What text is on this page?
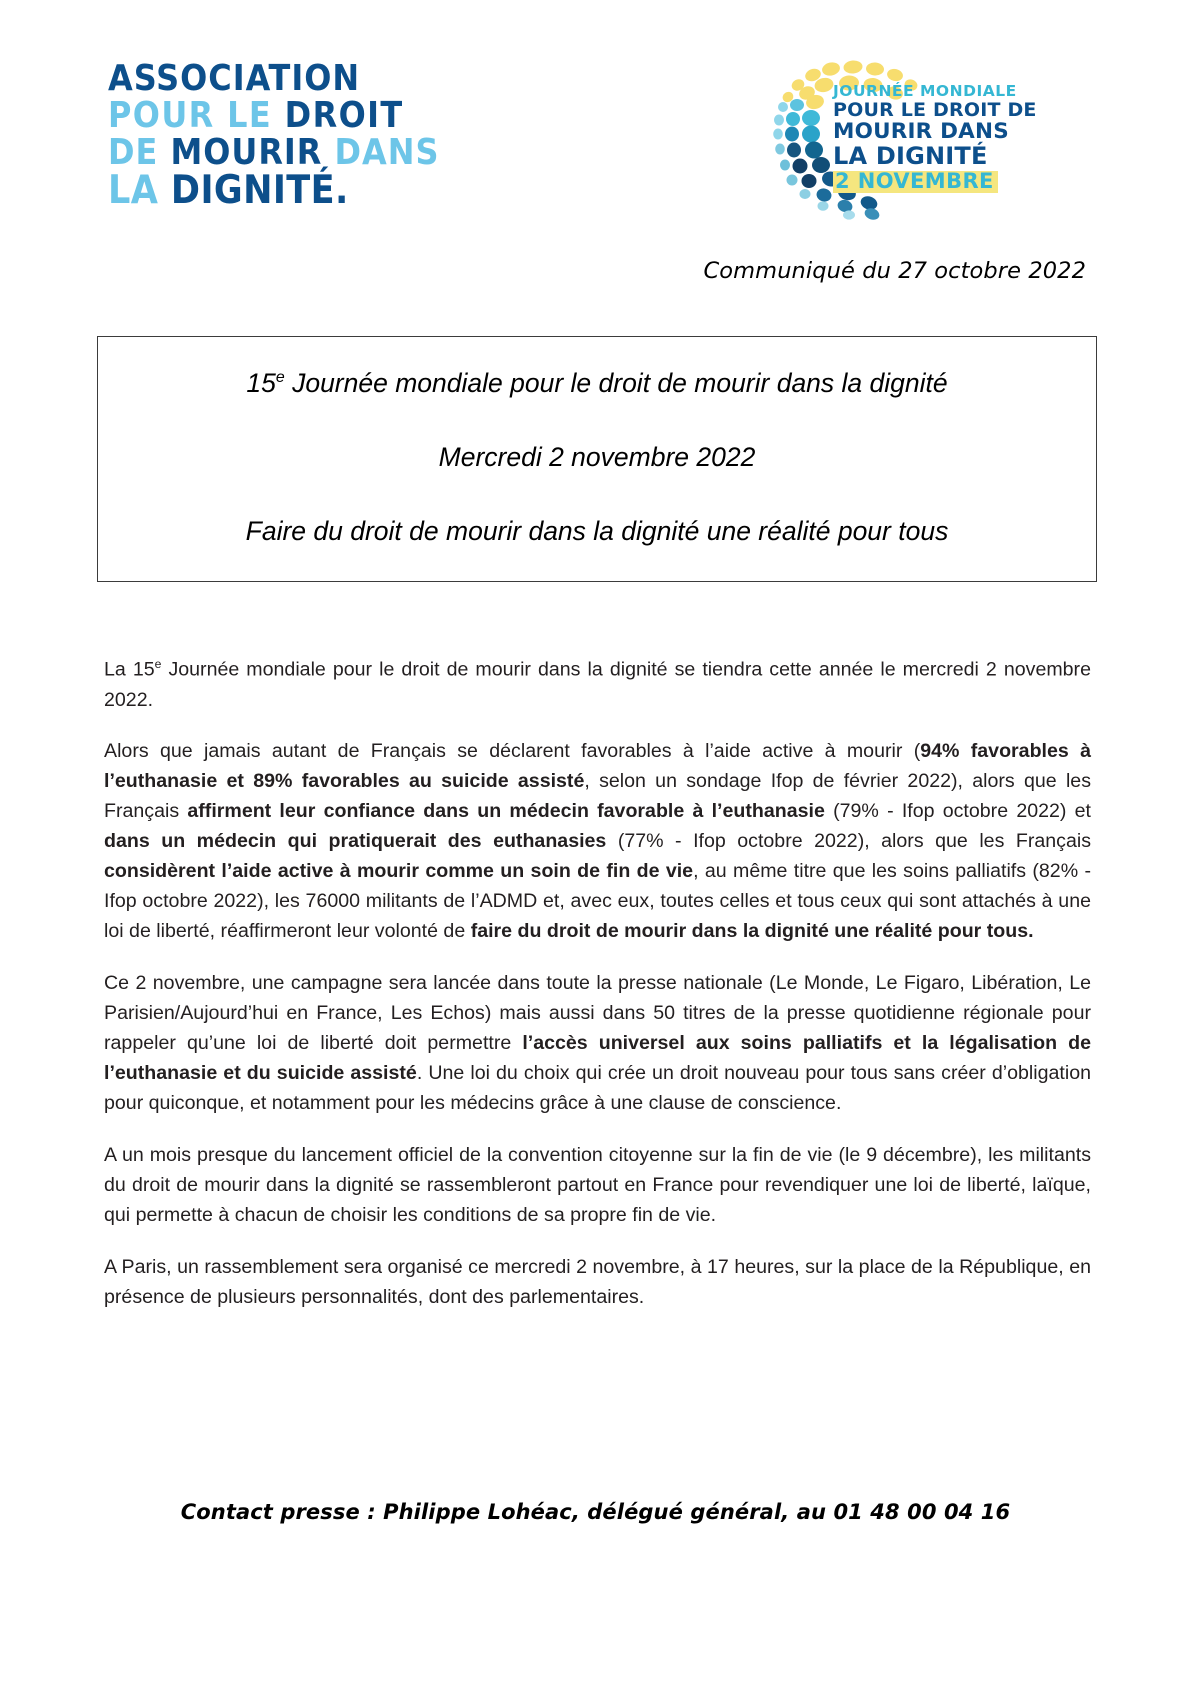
ASSOCIATION
POUR LE DROIT
DE MOURIR DANS
LA DIGNITÉ.
JOURNÉE MONDIALE
POUR LE DROIT DE
MOURIR DANS
LA DIGNITÉ
2 NOVEMBRE
Communiqué du 27 octobre 2022
15e Journée mondiale pour le droit de mourir dans la dignité
Mercredi 2 novembre 2022
Faire du droit de mourir dans la dignité une réalité pour tous

La 15e Journée mondiale pour le droit de mourir dans la dignité se tiendra cette année le mercredi 2 novembre 2022.

Alors que jamais autant de Français se déclarent favorables à l’aide active à mourir (94% favorables à l’euthanasie et 89% favorables au suicide assisté, selon un sondage Ifop de février 2022), alors que les Français affirment leur confiance dans un médecin favorable à l’euthanasie (79% - Ifop octobre 2022) et dans un médecin qui pratiquerait des euthanasies (77% - Ifop octobre 2022), alors que les Français considèrent l’aide active à mourir comme un soin de fin de vie, au même titre que les soins palliatifs (82% - Ifop octobre 2022), les 76000 militants de l’ADMD et, avec eux, toutes celles et tous ceux qui sont attachés à une loi de liberté, réaffirmeront leur volonté de faire du droit de mourir dans la dignité une réalité pour tous.

Ce 2 novembre, une campagne sera lancée dans toute la presse nationale (Le Monde, Le Figaro, Libération, Le Parisien/Aujourd’hui en France, Les Echos) mais aussi dans 50 titres de la presse quotidienne régionale pour rappeler qu’une loi de liberté doit permettre l’accès universel aux soins palliatifs et la légalisation de l’euthanasie et du suicide assisté. Une loi du choix qui crée un droit nouveau pour tous sans créer d’obligation pour quiconque, et notamment pour les médecins grâce à une clause de conscience.

A un mois presque du lancement officiel de la convention citoyenne sur la fin de vie (le 9 décembre), les militants du droit de mourir dans la dignité se rassembleront partout en France pour revendiquer une loi de liberté, laïque, qui permette à chacun de choisir les conditions de sa propre fin de vie.

A Paris, un rassemblement sera organisé ce mercredi 2 novembre, à 17 heures, sur la place de la République, en présence de plusieurs personnalités, dont des parlementaires.

Contact presse : Philippe Lohéac, délégué général, au 01 48 00 04 16
